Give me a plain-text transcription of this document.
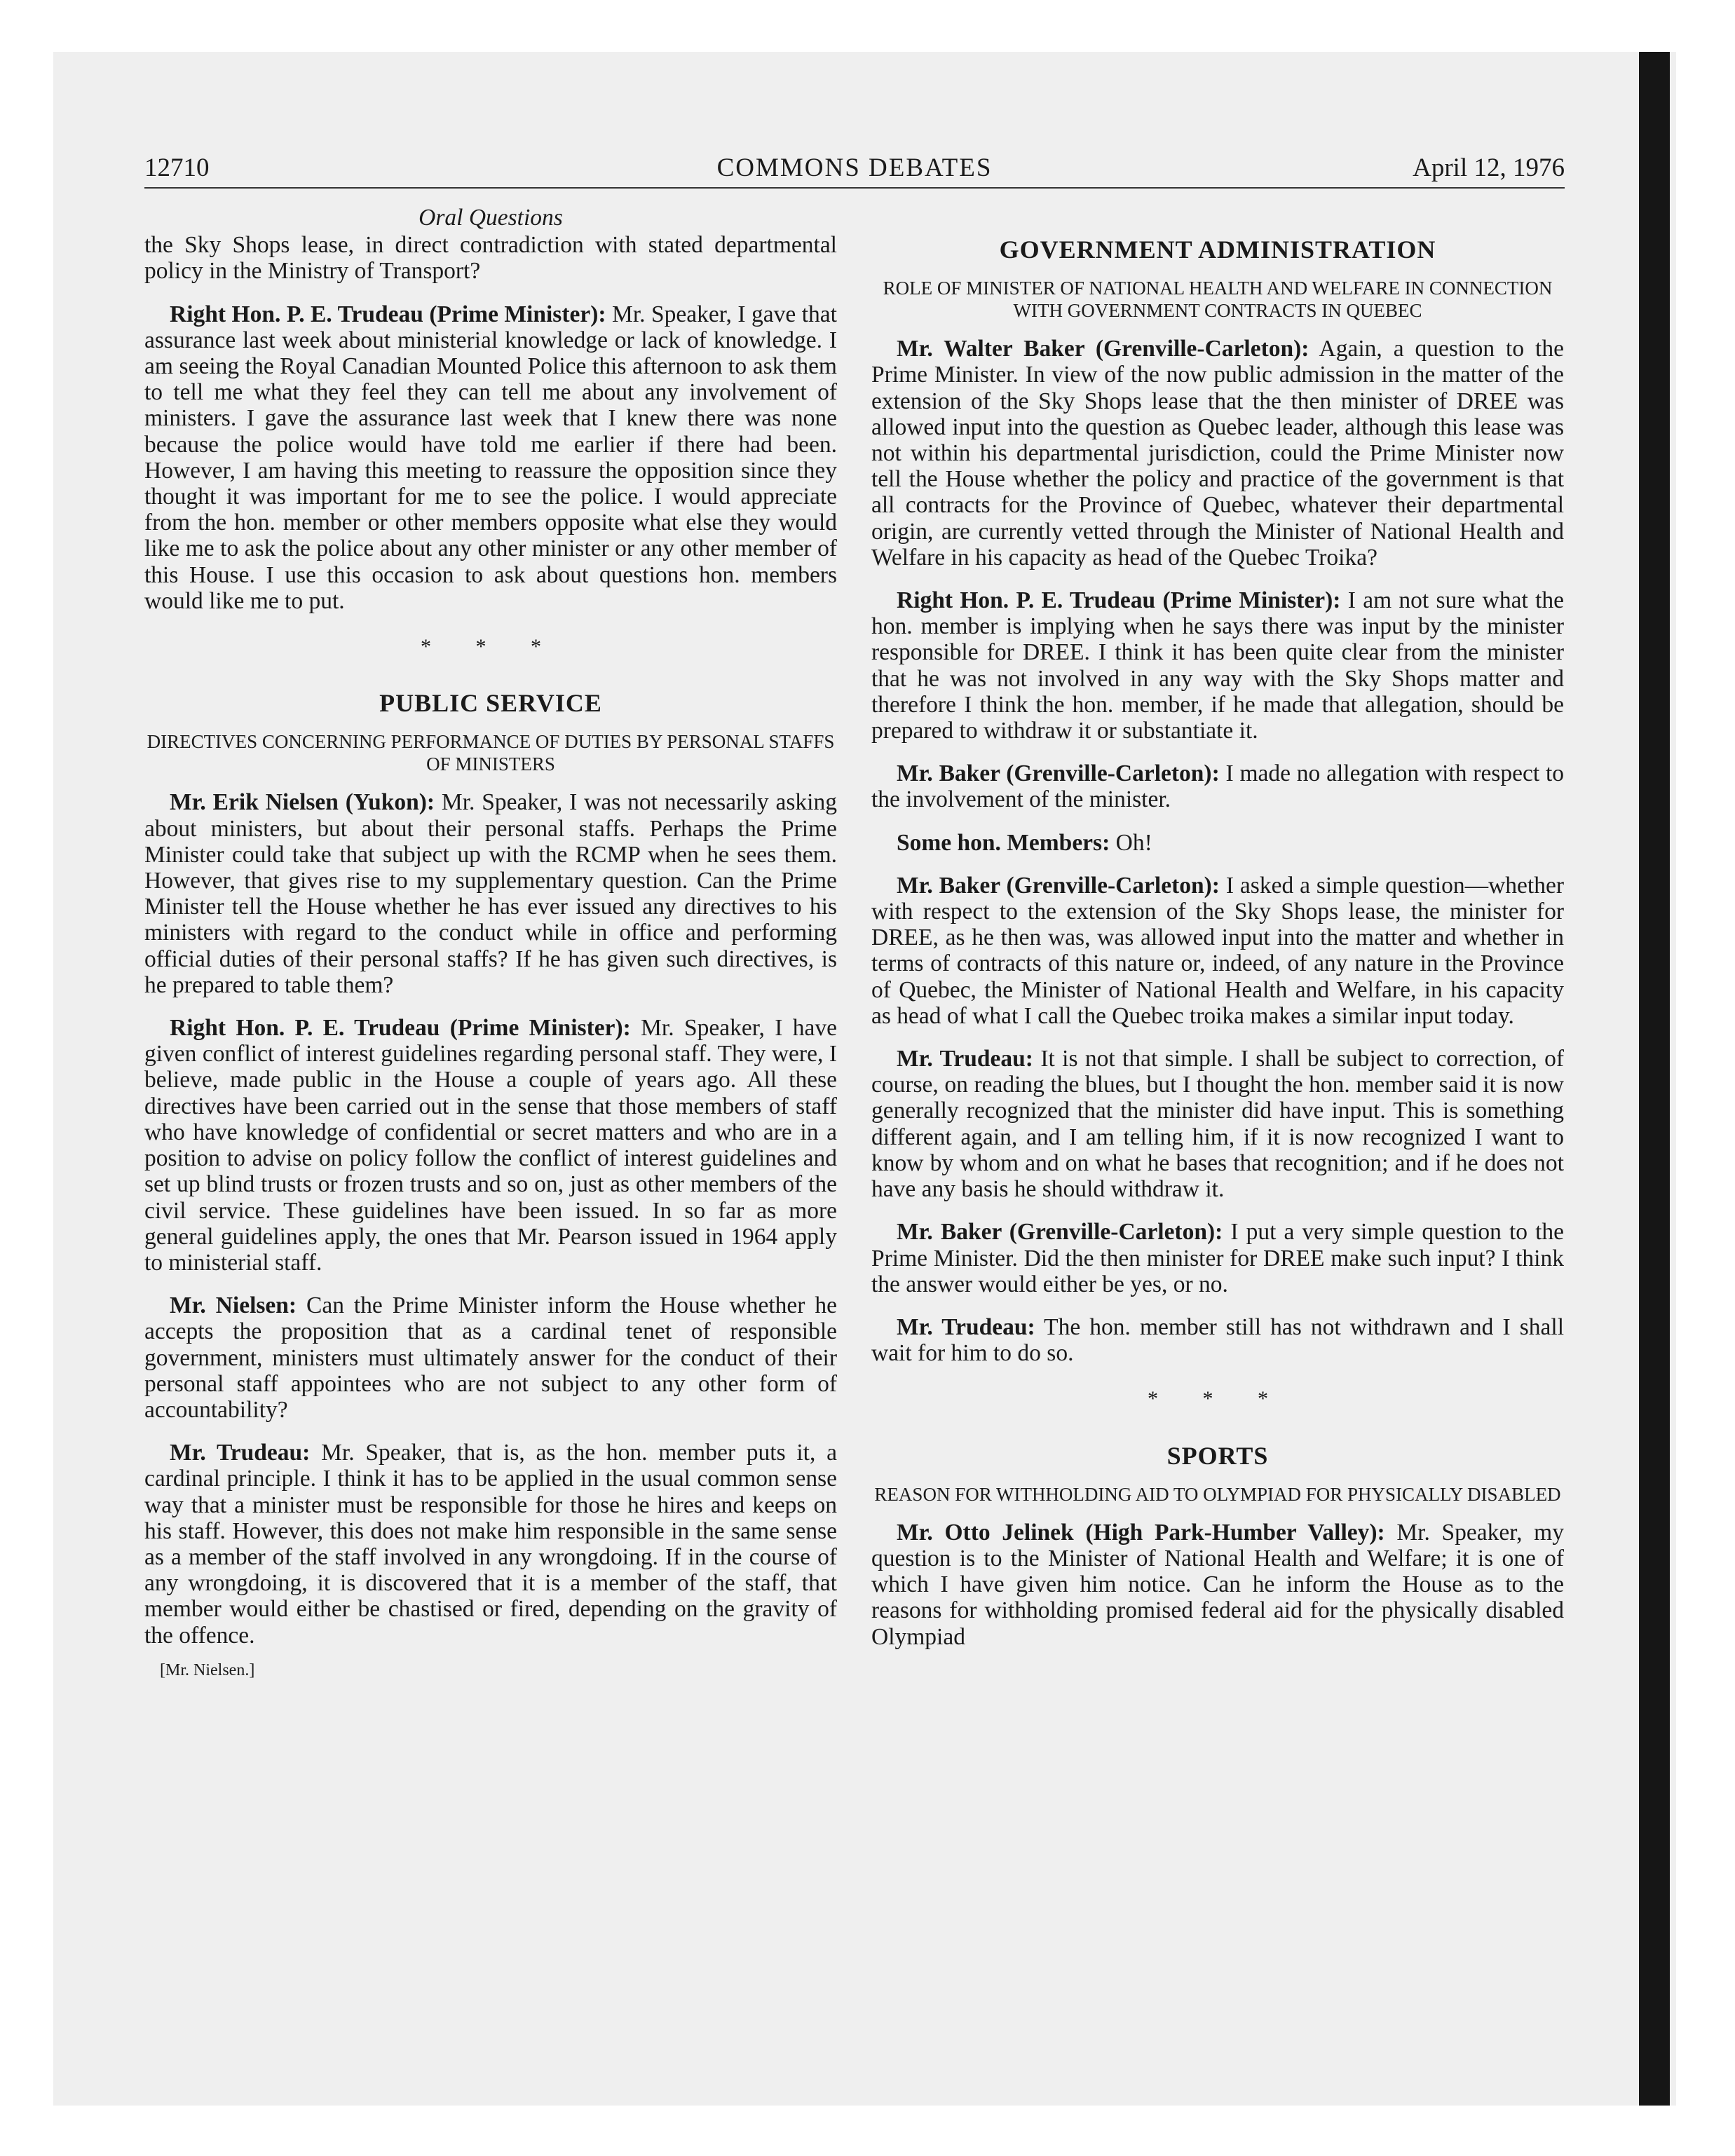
12710	COMMONS DEBATES	April 12, 1976
Oral Questions

the Sky Shops lease, in direct contradiction with stated departmental policy in the Ministry of Transport?

Right Hon. P. E. Trudeau (Prime Minister): Mr. Speaker, I gave that assurance last week about ministerial knowledge or lack of knowledge. I am seeing the Royal Canadian Mounted Police this afternoon to ask them to tell me what they feel they can tell me about any involvement of ministers. I gave the assurance last week that I knew there was none because the police would have told me earlier if there had been. However, I am having this meeting to reassure the opposition since they thought it was important for me to see the police. I would appreciate from the hon. member or other members opposite what else they would like me to ask the police about any other minister or any other member of this House. I use this occasion to ask about questions hon. members would like me to put.

* * *
PUBLIC SERVICE
DIRECTIVES CONCERNING PERFORMANCE OF DUTIES BY PERSONAL STAFFS OF MINISTERS

Mr. Erik Nielsen (Yukon): Mr. Speaker, I was not necessarily asking about ministers, but about their personal staffs. Perhaps the Prime Minister could take that subject up with the RCMP when he sees them. However, that gives rise to my supplementary question. Can the Prime Minister tell the House whether he has ever issued any directives to his ministers with regard to the conduct while in office and performing official duties of their personal staffs? If he has given such directives, is he prepared to table them?

Right Hon. P. E. Trudeau (Prime Minister): Mr. Speaker, I have given conflict of interest guidelines regarding personal staff. They were, I believe, made public in the House a couple of years ago. All these directives have been carried out in the sense that those members of staff who have knowledge of confidential or secret matters and who are in a position to advise on policy follow the conflict of interest guidelines and set up blind trusts or frozen trusts and so on, just as other members of the civil service. These guidelines have been issued. In so far as more general guidelines apply, the ones that Mr. Pearson issued in 1964 apply to ministerial staff.

Mr. Nielsen: Can the Prime Minister inform the House whether he accepts the proposition that as a cardinal tenet of responsible government, ministers must ultimately answer for the conduct of their personal staff appointees who are not subject to any other form of accountability?

Mr. Trudeau: Mr. Speaker, that is, as the hon. member puts it, a cardinal principle. I think it has to be applied in the usual common sense way that a minister must be responsible for those he hires and keeps on his staff. However, this does not make him responsible in the same sense as a member of the staff involved in any wrongdoing. If in the course of any wrongdoing, it is discovered that it is a member of the staff, that member would either be chastised or fired, depending on the gravity of the offence.

[Mr. Nielsen.]
GOVERNMENT ADMINISTRATION
ROLE OF MINISTER OF NATIONAL HEALTH AND WELFARE IN CONNECTION WITH GOVERNMENT CONTRACTS IN QUEBEC

Mr. Walter Baker (Grenville-Carleton): Again, a question to the Prime Minister. In view of the now public admission in the matter of the extension of the Sky Shops lease that the then minister of DREE was allowed input into the question as Quebec leader, although this lease was not within his departmental jurisdiction, could the Prime Minister now tell the House whether the policy and practice of the government is that all contracts for the Province of Quebec, whatever their departmental origin, are currently vetted through the Minister of National Health and Welfare in his capacity as head of the Quebec Troika?

Right Hon. P. E. Trudeau (Prime Minister): I am not sure what the hon. member is implying when he says there was input by the minister responsible for DREE. I think it has been quite clear from the minister that he was not involved in any way with the Sky Shops matter and therefore I think the hon. member, if he made that allegation, should be prepared to withdraw it or substantiate it.

Mr. Baker (Grenville-Carleton): I made no allegation with respect to the involvement of the minister.

Some hon. Members: Oh!

Mr. Baker (Grenville-Carleton): I asked a simple question—whether with respect to the extension of the Sky Shops lease, the minister for DREE, as he then was, was allowed input into the matter and whether in terms of contracts of this nature or, indeed, of any nature in the Province of Quebec, the Minister of National Health and Welfare, in his capacity as head of what I call the Quebec troika makes a similar input today.

Mr. Trudeau: It is not that simple. I shall be subject to correction, of course, on reading the blues, but I thought the hon. member said it is now generally recognized that the minister did have input. This is something different again, and I am telling him, if it is now recognized I want to know by whom and on what he bases that recognition; and if he does not have any basis he should withdraw it.

Mr. Baker (Grenville-Carleton): I put a very simple question to the Prime Minister. Did the then minister for DREE make such input? I think the answer would either be yes, or no.

Mr. Trudeau: The hon. member still has not withdrawn and I shall wait for him to do so.

* * *
SPORTS
REASON FOR WITHHOLDING AID TO OLYMPIAD FOR PHYSICALLY DISABLED

Mr. Otto Jelinek (High Park-Humber Valley): Mr. Speaker, my question is to the Minister of National Health and Welfare; it is one of which I have given him notice. Can he inform the House as to the reasons for withholding promised federal aid for the physically disabled Olympiad
